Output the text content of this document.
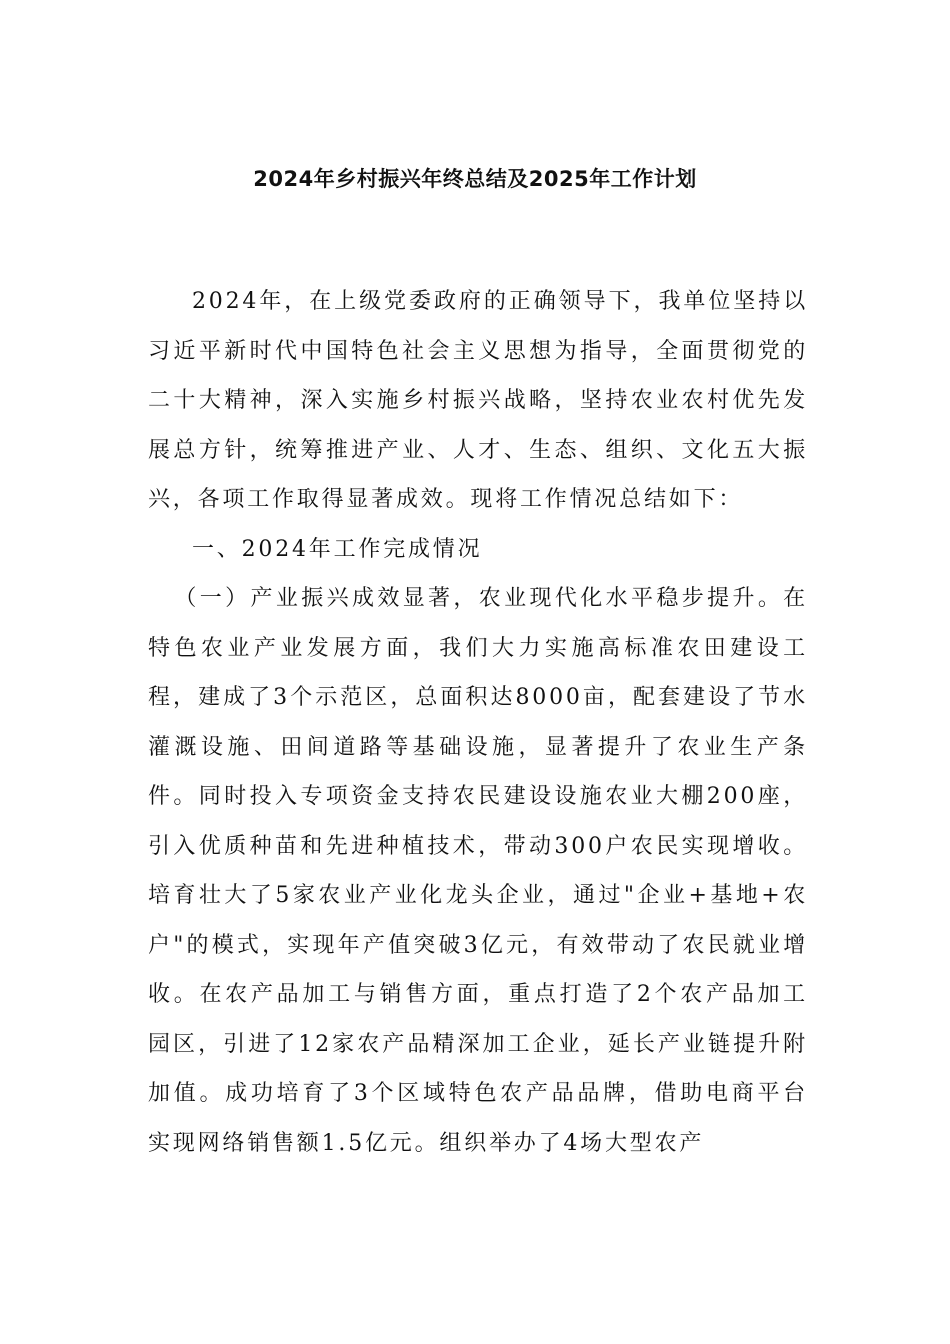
2024年乡村振兴年终总结及2025年工作计划

2024年，在上级党委政府的正确领导下，我单位坚持以习近平新时代中国特色社会主义思想为指导，全面贯彻党的二十大精神，深入实施乡村振兴战略，坚持农业农村优先发展总方针，统筹推进产业、人才、生态、组织、文化五大振兴，各项工作取得显著成效。现将工作情况总结如下：

一、2024年工作完成情况

（一）产业振兴成效显著，农业现代化水平稳步提升。在特色农业产业发展方面，我们大力实施高标准农田建设工程，建成了3个示范区，总面积达8000亩，配套建设了节水灌溉设施、田间道路等基础设施，显著提升了农业生产条件。同时投入专项资金支持农民建设设施农业大棚200座，引入优质种苗和先进种植技术，带动300户农民实现增收。培育壮大了5家农业产业化龙头企业，通过"企业+基地+农户"的模式，实现年产值突破3亿元，有效带动了农民就业增收。在农产品加工与销售方面，重点打造了2个农产品加工园区，引进了12家农产品精深加工企业，延长产业链提升附加值。成功培育了3个区域特色农产品品牌，借助电商平台实现网络销售额1.5亿元。组织举办了4场大型农产
